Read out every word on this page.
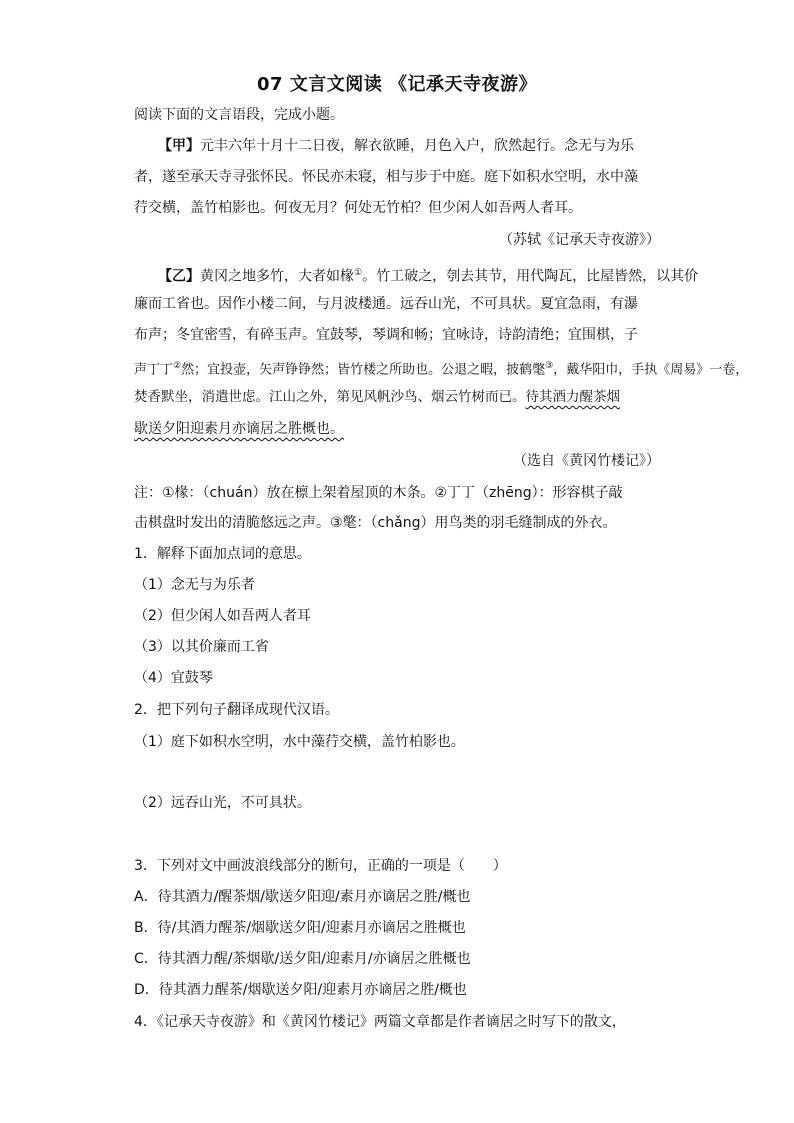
07 文言文阅读 《记承天寺夜游》
阅读下面的文言语段，完成小题。
【甲】元丰六年十月十二日夜，解衣欲睡，月色入户，欣然起行。念无与为乐
者，遂至承天寺寻张怀民。怀民亦未寝，相与步于中庭。庭下如积水空明，水中藻
荇交横，盖竹柏影也。何夜无月？何处无竹柏？但少闲人如吾两人者耳。
（苏轼《记承天寺夜游》）
【乙】黄冈之地多竹，大者如椽①。竹工破之，刳去其节，用代陶瓦，比屋皆然，以其价
廉而工省也。因作小楼二间，与月波楼通。远吞山光，不可具状。夏宜急雨，有瀑
布声；冬宜密雪，有碎玉声。宜鼓琴，琴调和畅；宜咏诗，诗韵清绝；宜围棋，子
声丁丁②然；宜投壶，矢声铮铮然；皆竹楼之所助也。公退之暇，披鹤氅③，戴华阳巾，手执《周易》一卷，
焚香默坐，消遣世虑。江山之外，第见风帆沙鸟、烟云竹树而已。待其酒力醒茶烟
歇送夕阳迎素月亦谪居之胜概也。
（选自《黄冈竹楼记》）
注：①椽：（chuán）放在檩上架着屋顶的木条。②丁丁（zhēng）：形容棋子敲
击棋盘时发出的清脆悠远之声。③氅：（chǎng）用鸟类的羽毛缝制成的外衣。
1．解释下面加点词的意思。
（1）念无与为乐者
（2）但少闲人如吾两人者耳
（3）以其价廉而工省
（4）宜鼓琴
2．把下列句子翻译成现代汉语。
（1）庭下如积水空明，水中藻荇交横，盖竹柏影也。
（2）远吞山光，不可具状。
3．下列对文中画波浪线部分的断句，正确的一项是（　　）
A．待其酒力/醒茶烟/歇送夕阳迎/素月亦谪居之胜/概也
B．待/其酒力醒茶/烟歇送夕阳/迎素月亦谪居之胜概也
C．待其酒力醒/茶烟歇/送夕阳/迎素月/亦谪居之胜概也
D．待其酒力醒茶/烟歇送夕阳/迎素月亦谪居之胜/概也
4．《记承天寺夜游》和《黄冈竹楼记》两篇文章都是作者谪居之时写下的散文，
